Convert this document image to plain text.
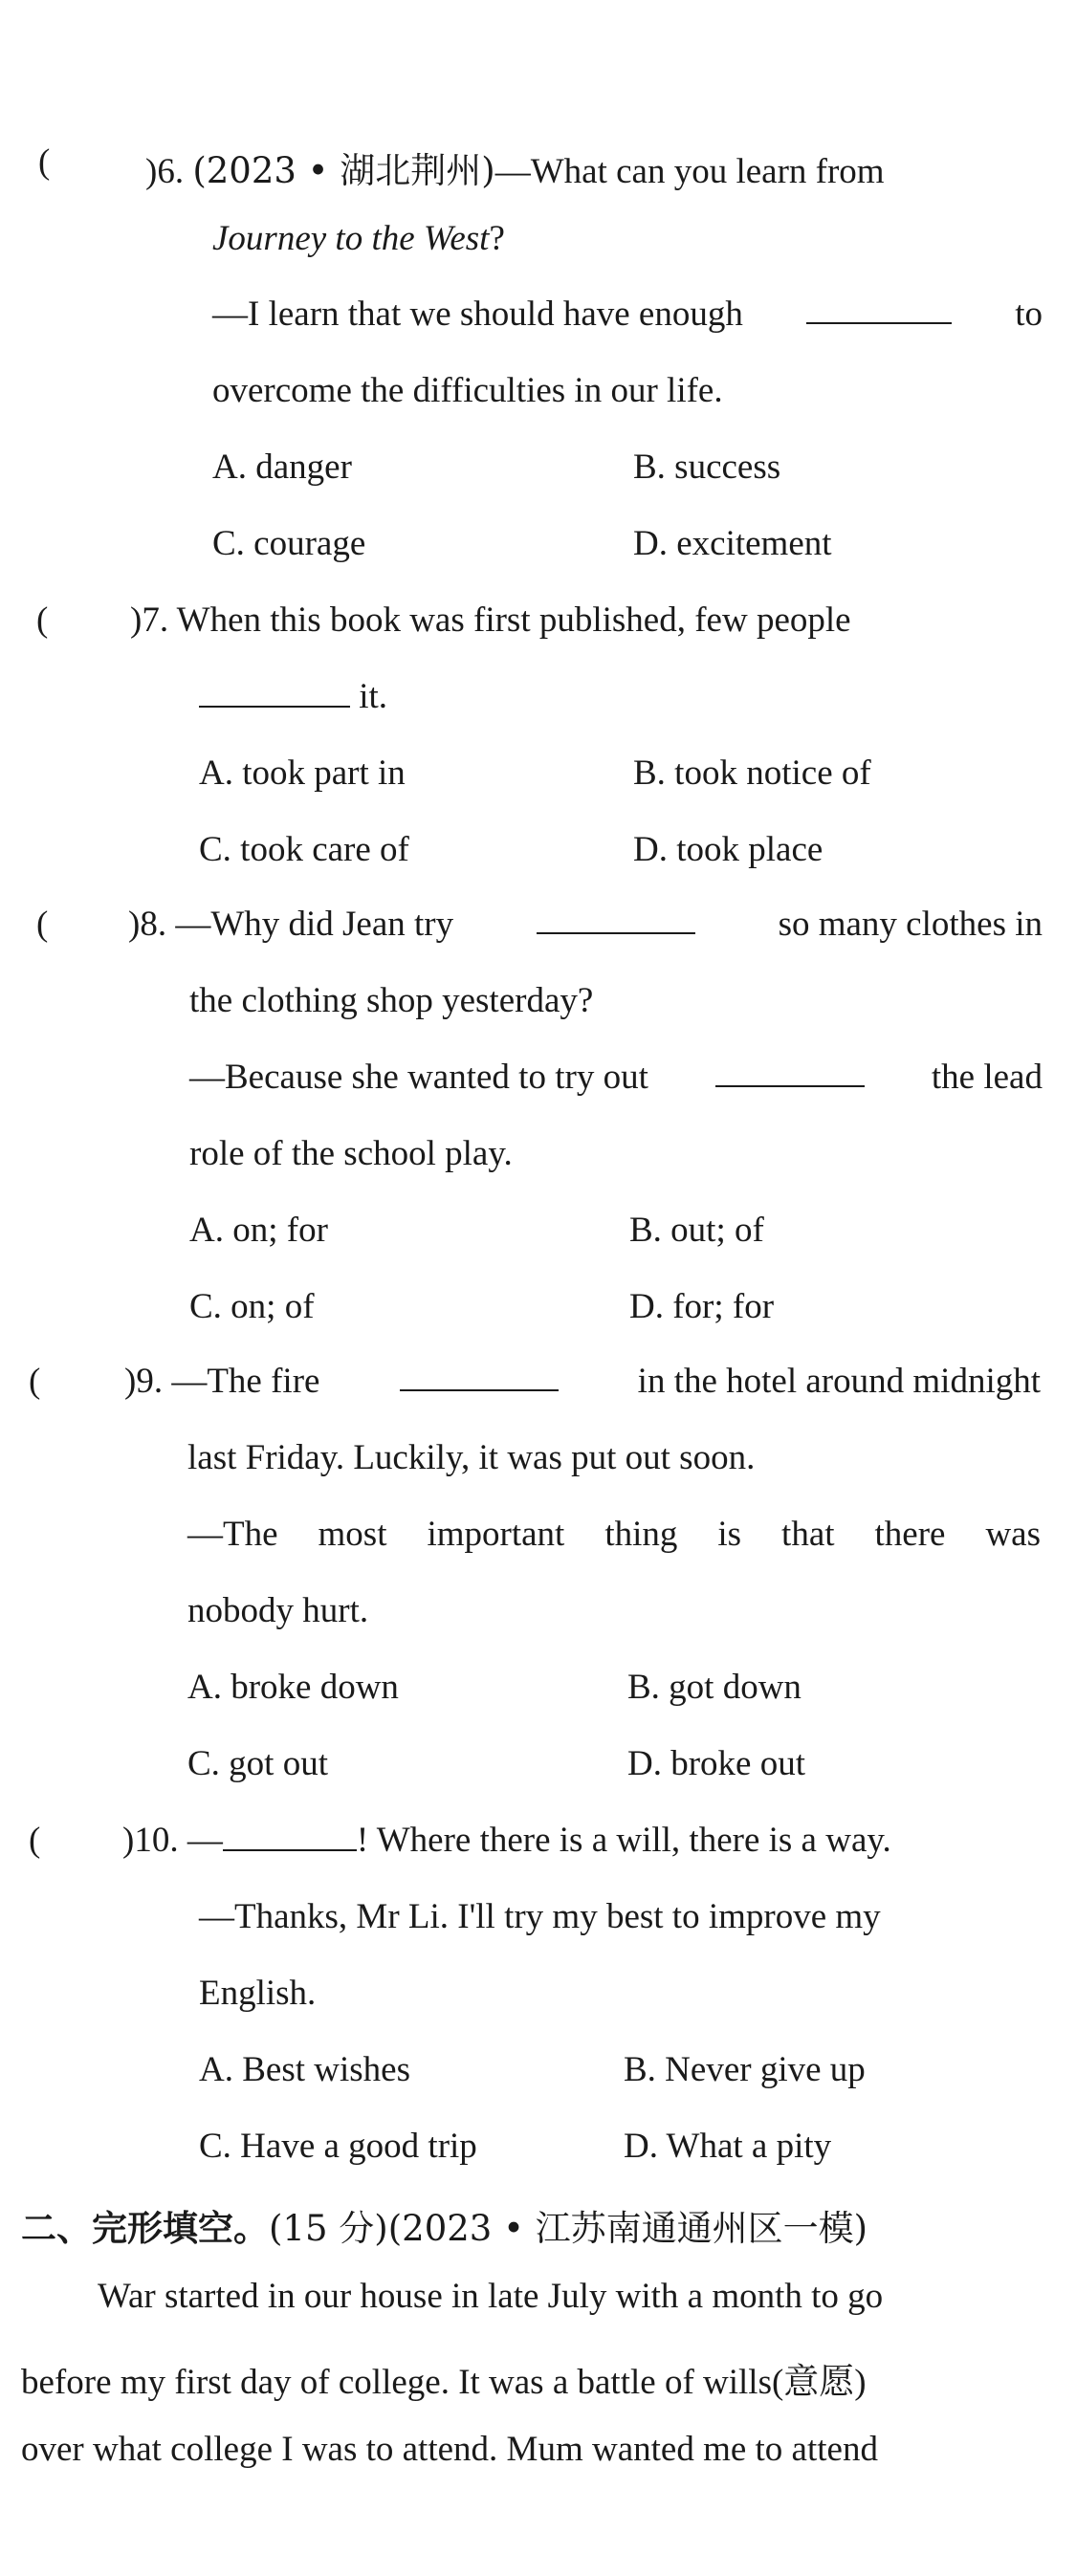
(	)6. (2023 • 湖北荆州)—What can you learn from
Journey to the West?
—I learn that we should have enough	to
overcome the difficulties in our life.
A. danger	B. success
C. courage	D. excitement
( )7. When this book was first published, few people
it.
A. took part in	B. took notice of
C. took care of	D. took place
( )8. —Why did Jean try	so many clothes in
the clothing shop yesterday?
—Because she wanted to try out	the lead
role of the school play.
A. on; for	B. out; of
C. on; of	D. for; for
( )9. —The fire	in the hotel around midnight
last Friday. Luckily, it was put out soon.
—The most important thing is that there was
nobody hurt.
A. broke down	B. got down
C. got out	D. broke out
( )10. —	! Where there is a will, there is a way.
—Thanks, Mr Li. I'll try my best to improve my
English.
A. Best wishes	B. Never give up
C. Have a good trip	D. What a pity
二、完形填空。(15 分)(2023 • 江苏南通通州区一模)
War started in our house in late July with a month to go
before my first day of college. It was a battle of wills(意愿)
over what college I was to attend. Mum wanted me to attend
